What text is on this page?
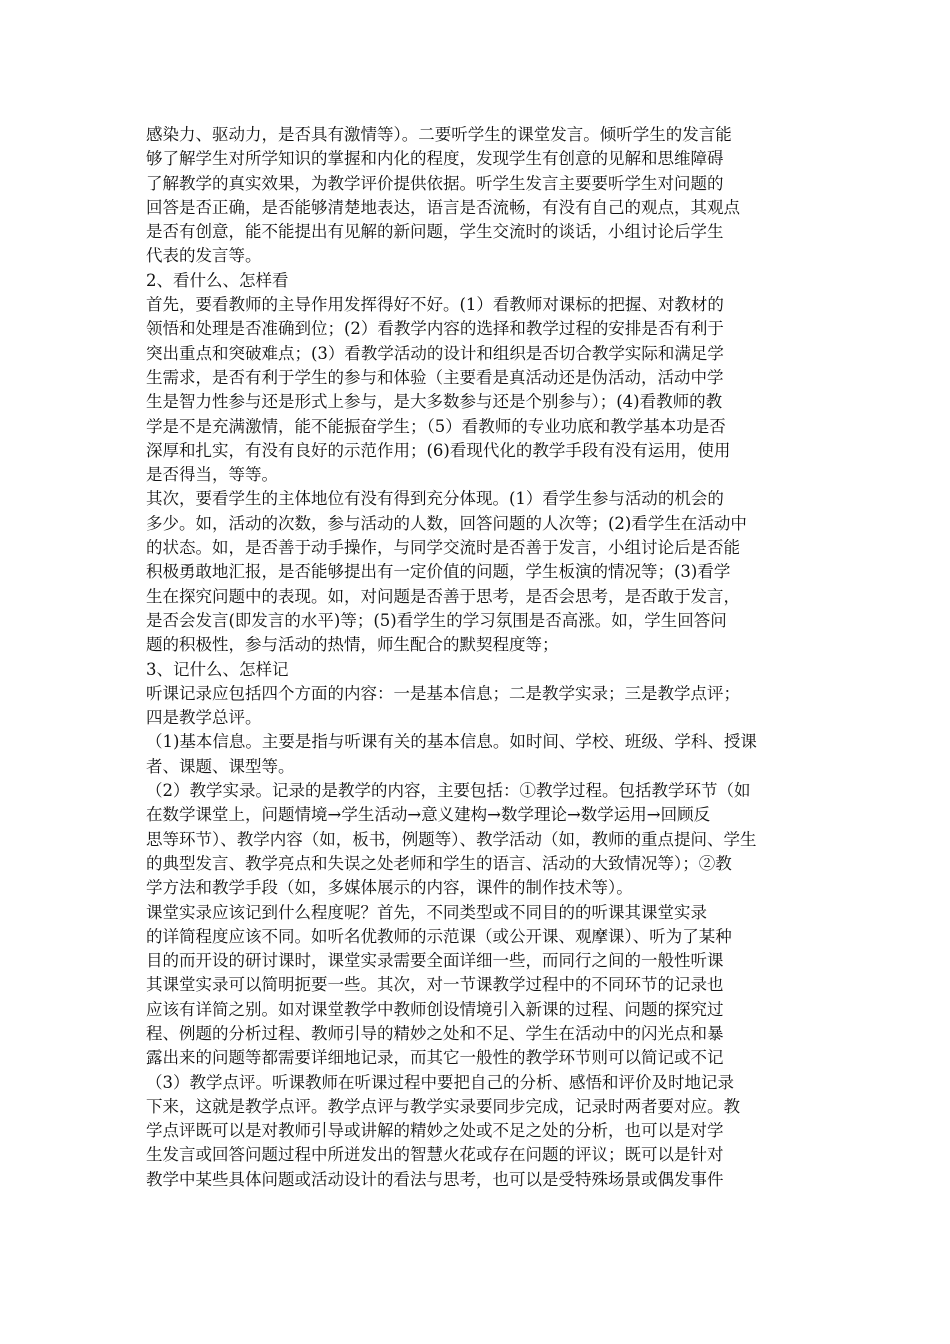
感染力、驱动力，是否具有激情等）。二要听学生的课堂发言。倾听学生的发言能
够了解学生对所学知识的掌握和内化的程度，发现学生有创意的见解和思维障碍
了解教学的真实效果，为教学评价提供依据。听学生发言主要要听学生对问题的
回答是否正确，是否能够清楚地表达，语言是否流畅，有没有自己的观点，其观点
是否有创意，能不能提出有见解的新问题，学生交流时的谈话，小组讨论后学生
代表的发言等。
2、看什么、怎样看
首先，要看教师的主导作用发挥得好不好。(1）看教师对课标的把握、对教材的
领悟和处理是否准确到位；(2）看教学内容的选择和教学过程的安排是否有利于
突出重点和突破难点；(3）看教学活动的设计和组织是否切合教学实际和满足学
生需求，是否有利于学生的参与和体验（主要看是真活动还是伪活动，活动中学
生是智力性参与还是形式上参与，是大多数参与还是个别参与）；(4)看教师的教
学是不是充满激情，能不能振奋学生；（5）看教师的专业功底和教学基本功是否
深厚和扎实，有没有良好的示范作用；(6)看现代化的教学手段有没有运用，使用
是否得当，等等。
其次，要看学生的主体地位有没有得到充分体现。(1）看学生参与活动的机会的
多少。如，活动的次数，参与活动的人数，回答问题的人次等；(2)看学生在活动中
的状态。如，是否善于动手操作，与同学交流时是否善于发言，小组讨论后是否能
积极勇敢地汇报，是否能够提出有一定价值的问题，学生板演的情况等；(3)看学
生在探究问题中的表现。如，对问题是否善于思考，是否会思考，是否敢于发言，
是否会发言(即发言的水平)等；(5)看学生的学习氛围是否高涨。如，学生回答问
题的积极性，参与活动的热情，师生配合的默契程度等；
3、记什么、怎样记
听课记录应包括四个方面的内容：一是基本信息；二是教学实录；三是教学点评；
四是教学总评。
（1)基本信息。主要是指与听课有关的基本信息。如时间、学校、班级、学科、授课
者、课题、课型等。
（2）教学实录。记录的是教学的内容，主要包括：①教学过程。包括教学环节（如
在数学课堂上，问题情境→学生活动→意义建构→数学理论→数学运用→回顾反
思等环节）、教学内容（如，板书，例题等）、教学活动（如，教师的重点提问、学生
的典型发言、教学亮点和失误之处老师和学生的语言、活动的大致情况等）；②教
学方法和教学手段（如，多媒体展示的内容，课件的制作技术等）。
课堂实录应该记到什么程度呢？首先，不同类型或不同目的的听课其课堂实录
的详简程度应该不同。如听名优教师的示范课（或公开课、观摩课）、听为了某种
目的而开设的研讨课时，课堂实录需要全面详细一些，而同行之间的一般性听课
其课堂实录可以简明扼要一些。其次，对一节课教学过程中的不同环节的记录也
应该有详简之别。如对课堂教学中教师创设情境引入新课的过程、问题的探究过
程、例题的分析过程、教师引导的精妙之处和不足、学生在活动中的闪光点和暴
露出来的问题等都需要详细地记录，而其它一般性的教学环节则可以简记或不记
（3）教学点评。听课教师在听课过程中要把自己的分析、感悟和评价及时地记录
下来，这就是教学点评。教学点评与教学实录要同步完成，记录时两者要对应。教
学点评既可以是对教师引导或讲解的精妙之处或不足之处的分析，也可以是对学
生发言或回答问题过程中所迸发出的智慧火花或存在问题的评议；既可以是针对
教学中某些具体问题或活动设计的看法与思考，也可以是受特殊场景或偶发事件
